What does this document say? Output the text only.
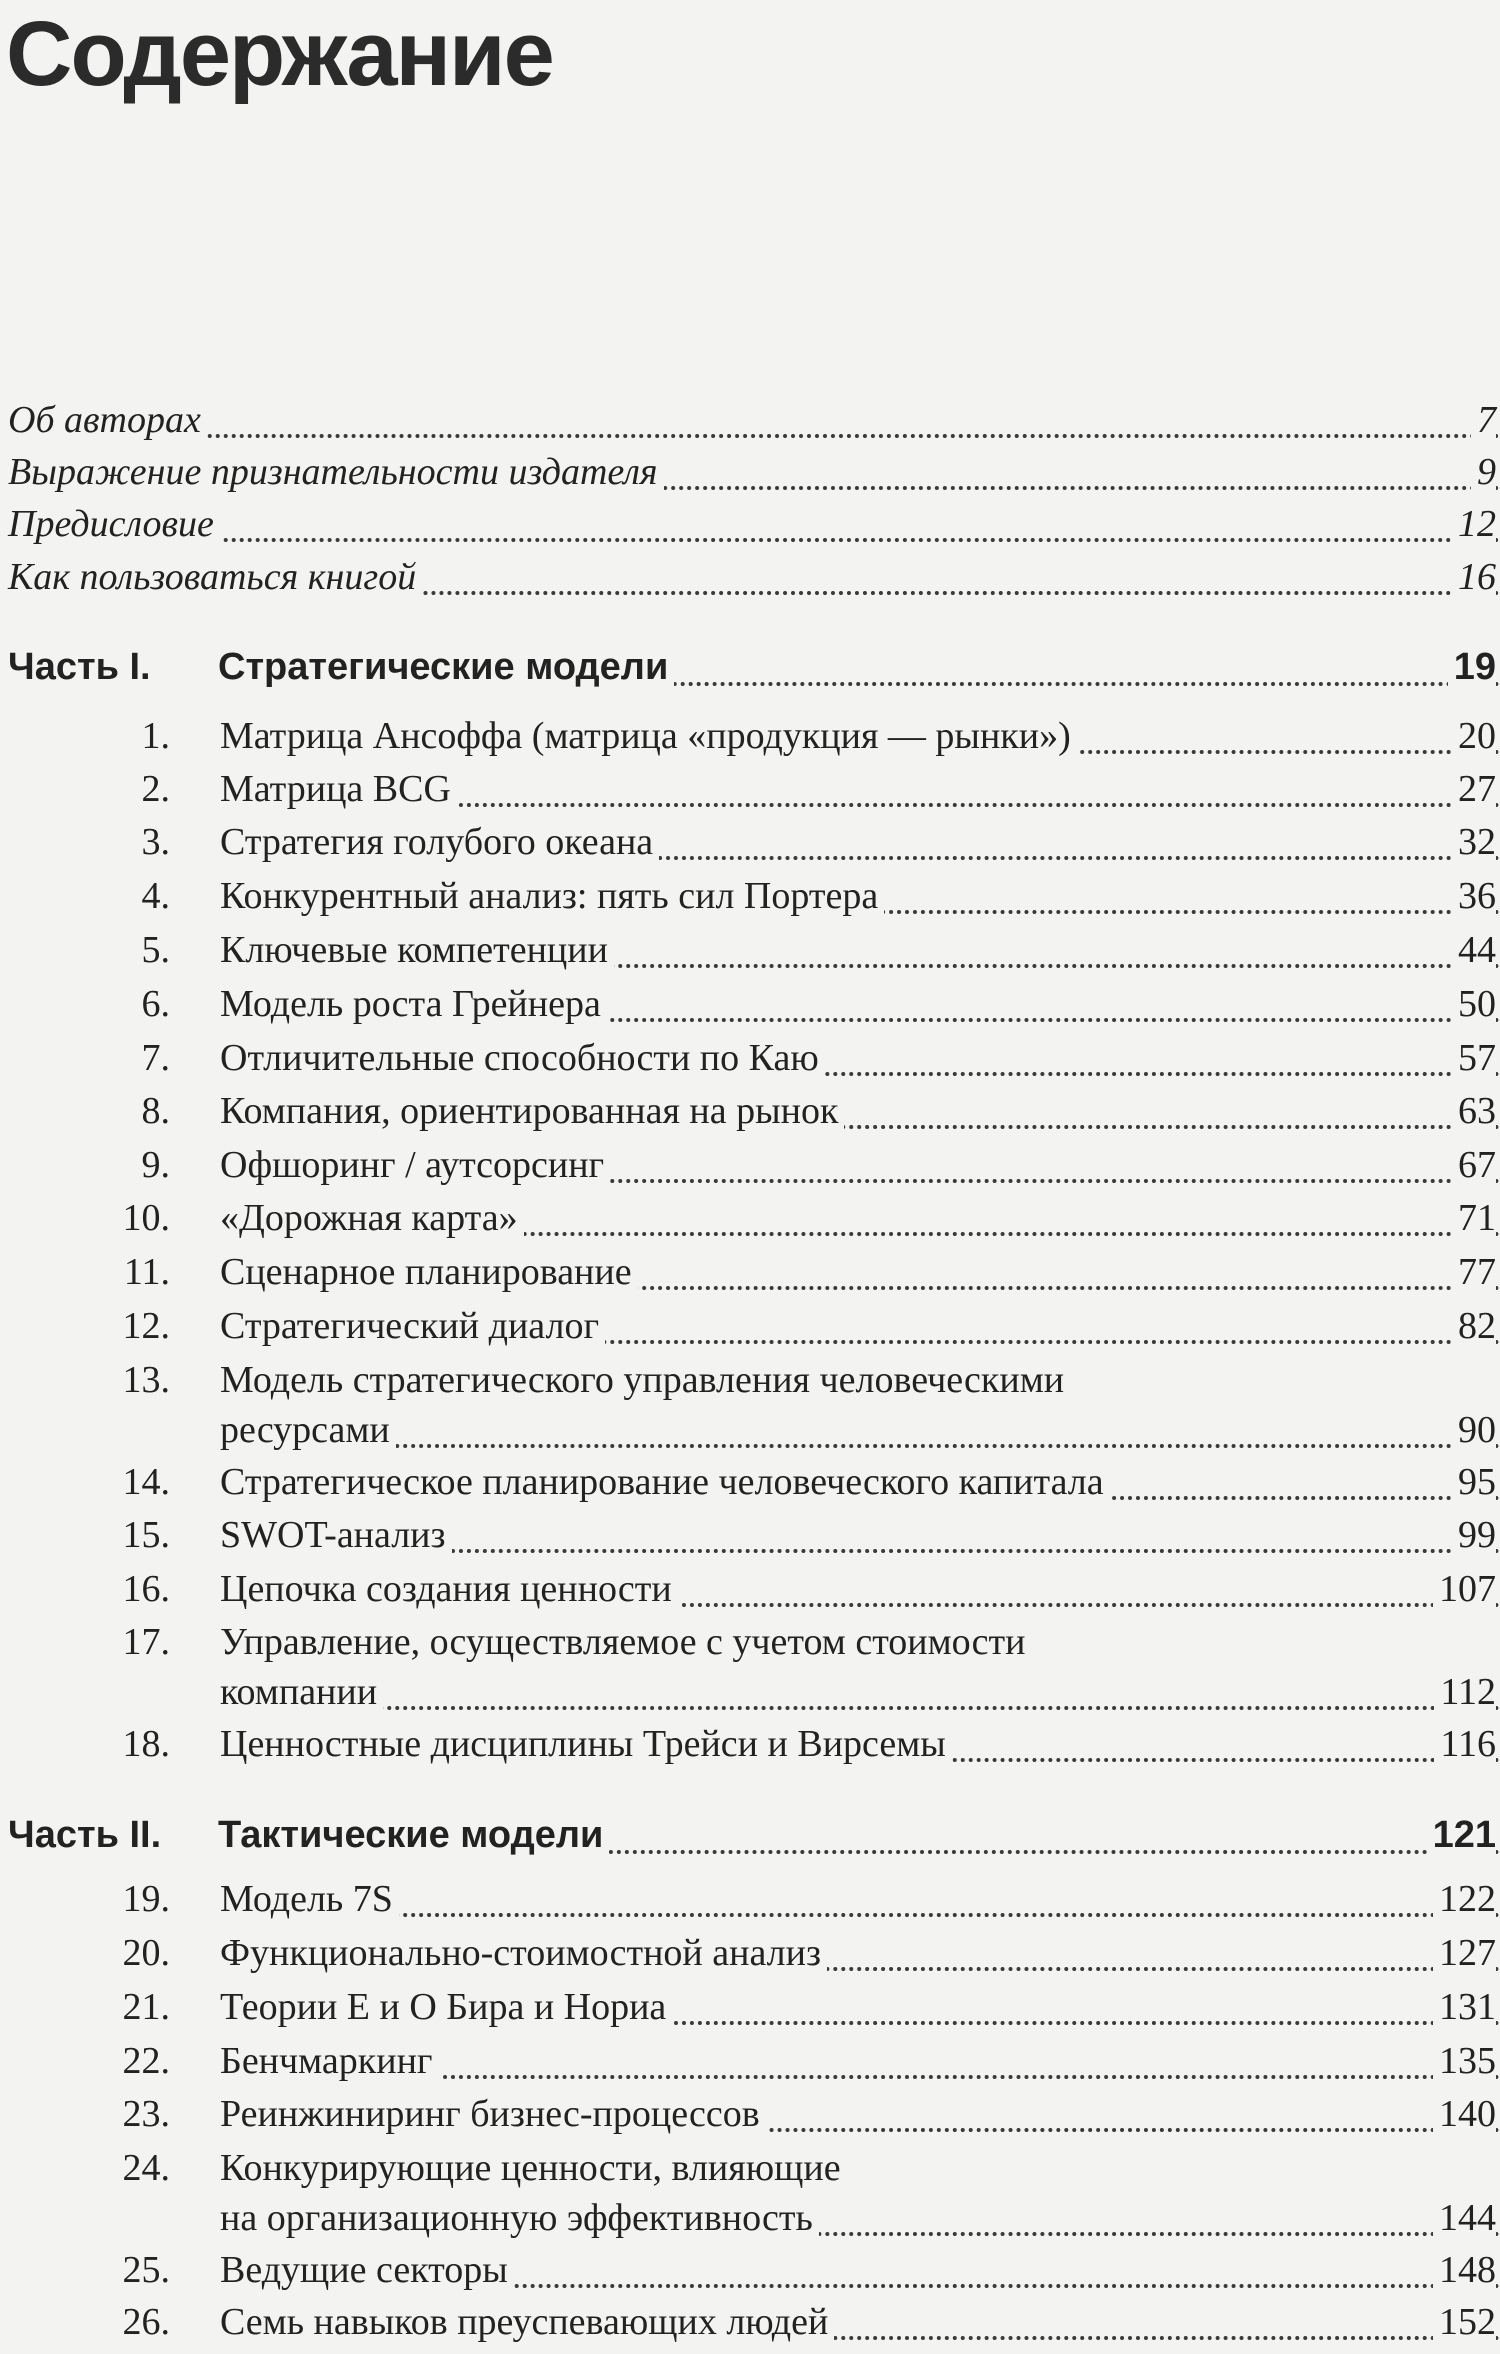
Содержание
Об авторах	7
Выражение признательности издателя	9
Предисловие	12
Как пользоваться книгой	16
Часть I.	Стратегические модели	19
1. Матрица Ансоффа (матрица «продукция — рынки»)	20
2. Матрица BCG	27
3. Стратегия голубого океана	32
4. Конкурентный анализ: пять сил Портера	36
5. Ключевые компетенции	44
6. Модель роста Грейнера	50
7. Отличительные способности по Каю	57
8. Компания, ориентированная на рынок	63
9. Офшоринг / аутсорсинг	67
10. «Дорожная карта»	71
11. Сценарное планирование	77
12. Стратегический диалог	82
13. Модель стратегического управления человеческими
ресурсами	90
14. Стратегическое планирование человеческого капитала	95
15. SWOT-анализ	99
16. Цепочка создания ценности	107
17. Управление, осуществляемое с учетом стоимости
компании	112
18. Ценностные дисциплины Трейси и Вирсемы	116
Часть II.	Тактические модели	121
19. Модель 7S	122
20. Функционально-стоимостной анализ	127
21. Теории Е и О Бира и Нориа	131
22. Бенчмаркинг	135
23. Реинжиниринг бизнес-процессов	140
24. Конкурирующие ценности, влияющие
на организационную эффективность	144
25. Ведущие секторы	148
26. Семь навыков преуспевающих людей	152
